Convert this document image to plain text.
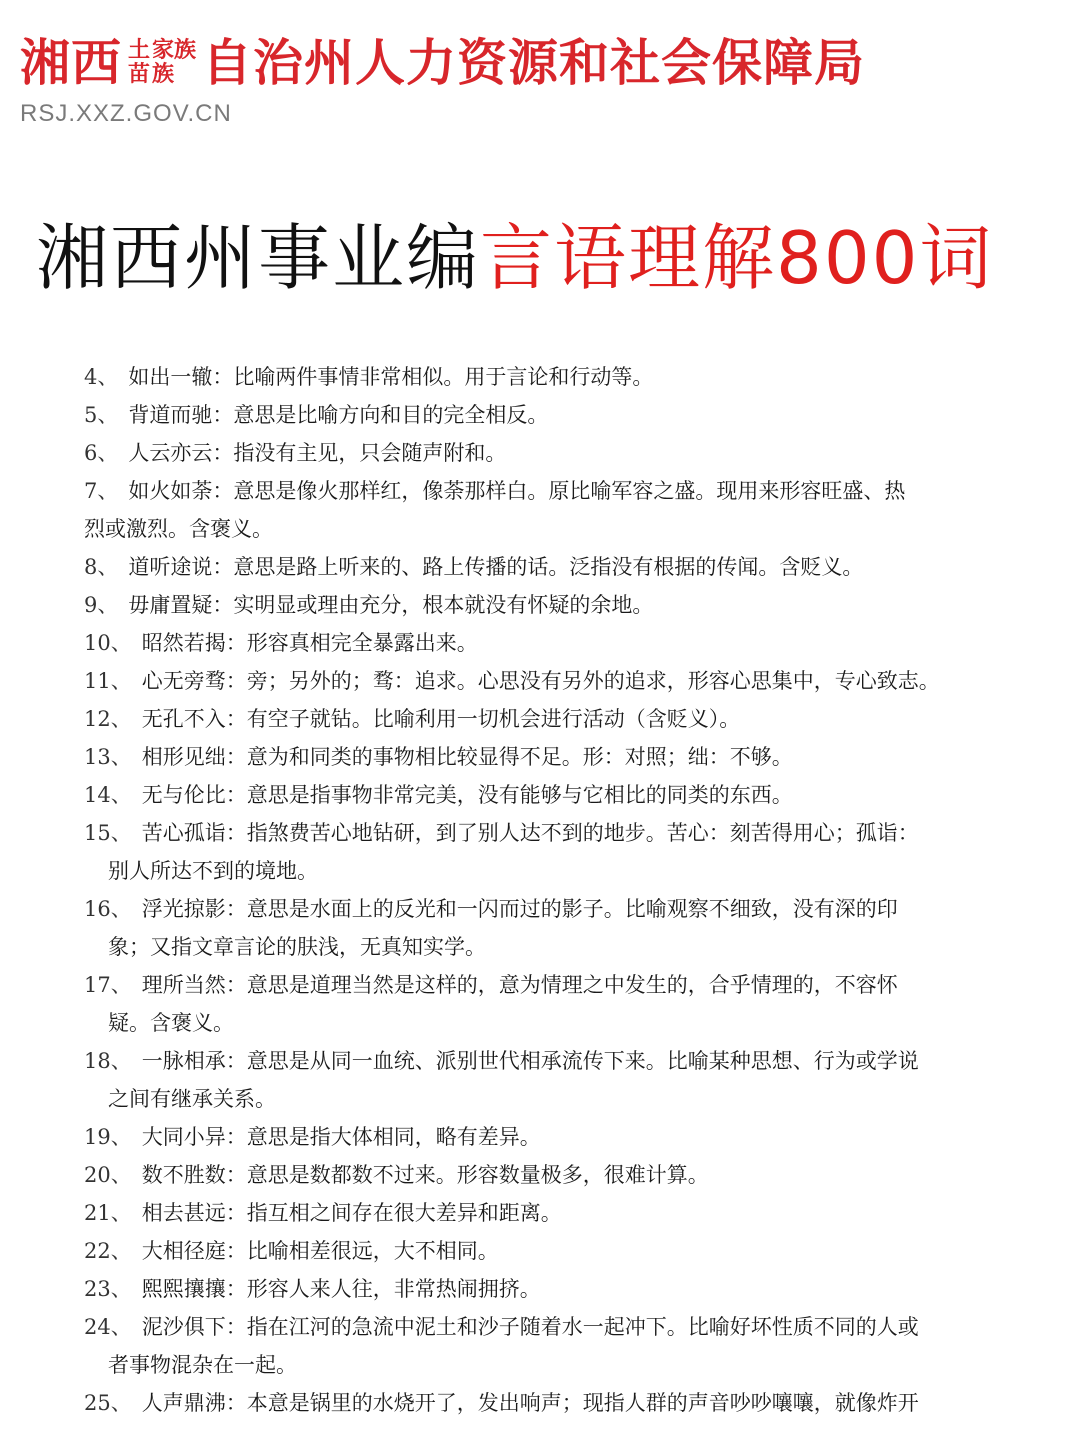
湘西 土 家族
苗 族 自治州人力资源和社会保障局
RSJ.XXZ.GOV.CN
湘西州事业编言语理解800词
4、 如出一辙：比喻两件事情非常相似。用于言论和行动等。
5、 背道而驰：意思是比喻方向和目的完全相反。
6、 人云亦云：指没有主见，只会随声附和。
7、 如火如荼：意思是像火那样红，像荼那样白。原比喻军容之盛。现用来形容旺盛、热
烈或激烈。含褒义。
8、 道听途说：意思是路上听来的、路上传播的话。泛指没有根据的传闻。含贬义。
9、 毋庸置疑：实明显或理由充分，根本就没有怀疑的余地。
10、 昭然若揭：形容真相完全暴露出来。
11、 心无旁骛：旁；另外的；骛：追求。心思没有另外的追求，形容心思集中，专心致志。
12、 无孔不入：有空子就钻。比喻利用一切机会进行活动（含贬义）。
13、 相形见绌：意为和同类的事物相比较显得不足。形：对照；绌：不够。
14、 无与伦比：意思是指事物非常完美，没有能够与它相比的同类的东西。
15、 苦心孤诣：指煞费苦心地钻研，到了别人达不到的地步。苦心：刻苦得用心；孤诣：
别人所达不到的境地。
16、 浮光掠影：意思是水面上的反光和一闪而过的影子。比喻观察不细致，没有深的印
象；又指文章言论的肤浅，无真知实学。
17、 理所当然：意思是道理当然是这样的，意为情理之中发生的，合乎情理的，不容怀
疑。含褒义。
18、 一脉相承：意思是从同一血统、派别世代相承流传下来。比喻某种思想、行为或学说
之间有继承关系。
19、 大同小异：意思是指大体相同，略有差异。
20、 数不胜数：意思是数都数不过来。形容数量极多，很难计算。
21、 相去甚远：指互相之间存在很大差异和距离。
22、 大相径庭：比喻相差很远，大不相同。
23、 熙熙攘攘：形容人来人往，非常热闹拥挤。
24、 泥沙俱下：指在江河的急流中泥土和沙子随着水一起冲下。比喻好坏性质不同的人或
者事物混杂在一起。
25、 人声鼎沸：本意是锅里的水烧开了，发出响声；现指人群的声音吵吵嚷嚷，就像炸开
